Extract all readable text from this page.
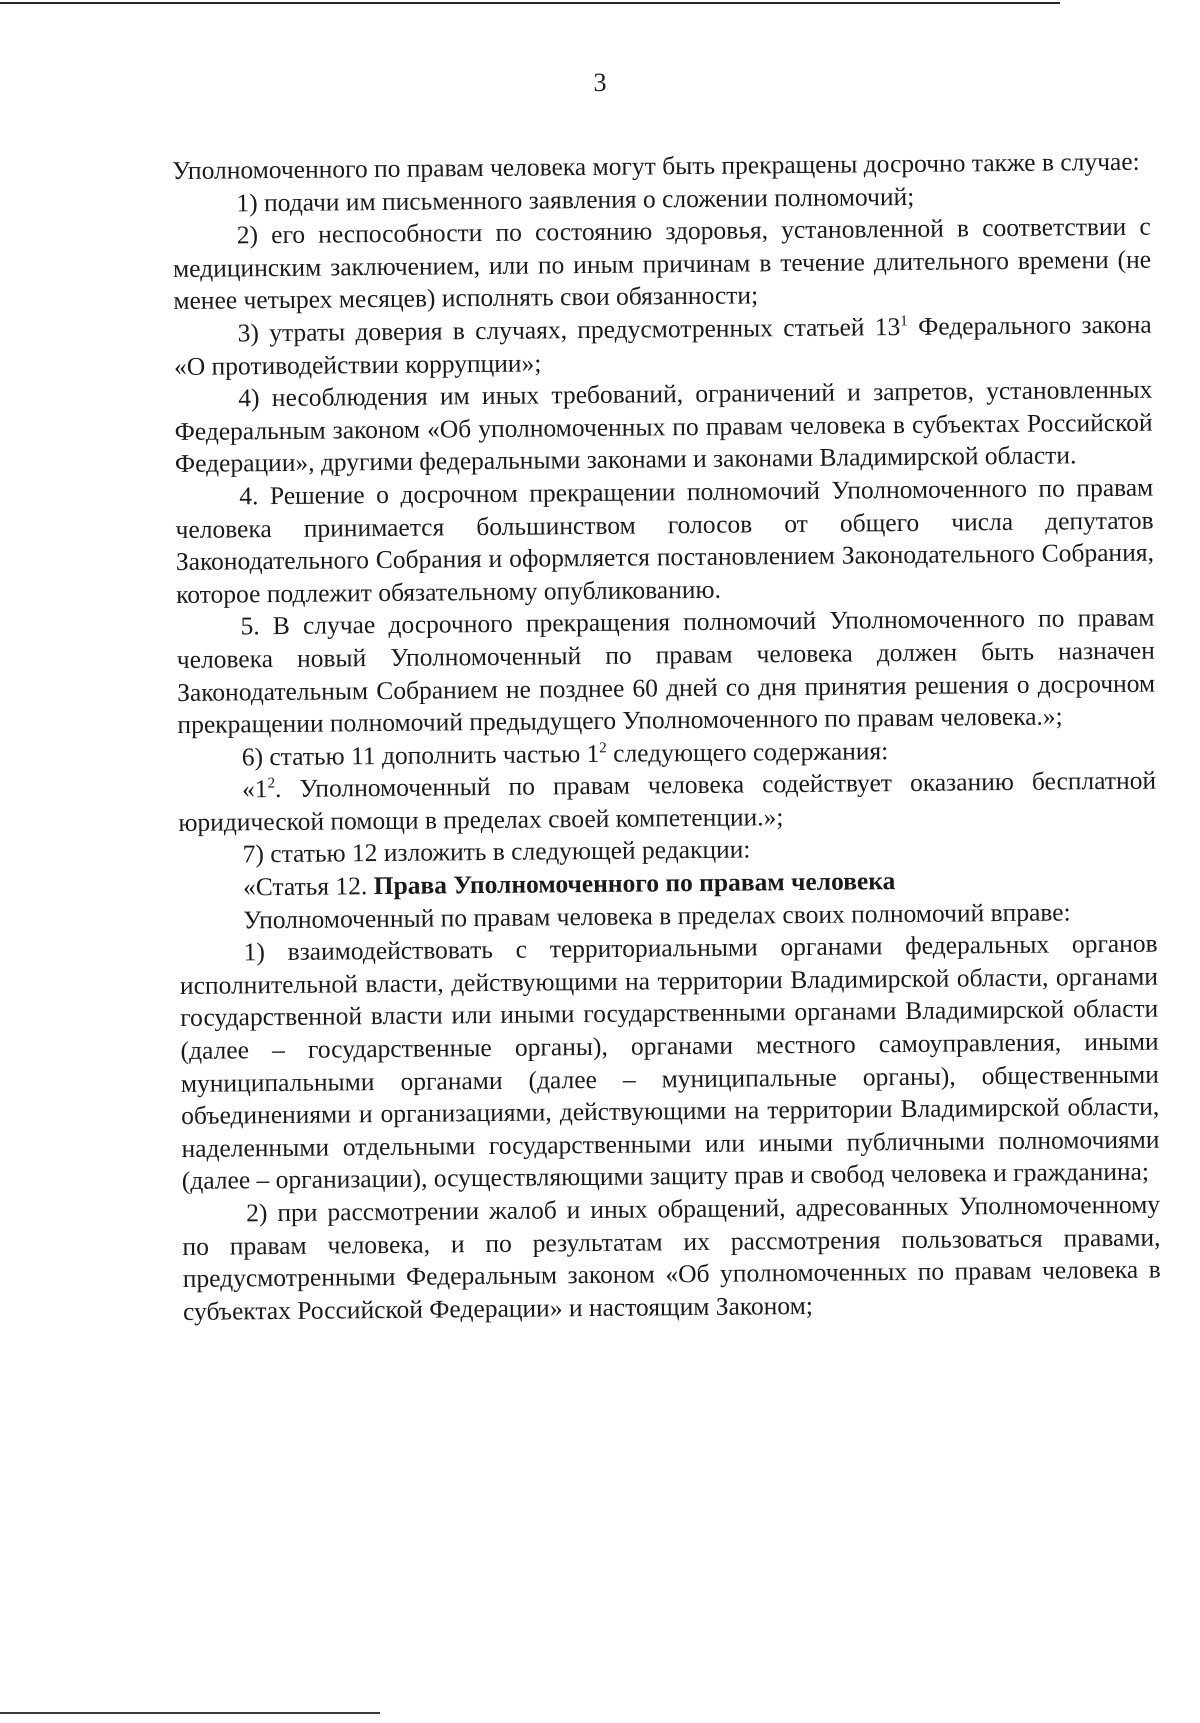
3

Уполномоченного по правам человека могут быть прекращены досрочно также в случае:

1) подачи им письменного заявления о сложении полномочий;

2) его неспособности по состоянию здоровья, установленной в соответствии с медицинским заключением, или по иным причинам в течение длительного времени (не менее четырех месяцев) исполнять свои обязанности;

3) утраты доверия в случаях, предусмотренных статьей $13^1$ Федерального закона «О противодействии коррупции»;

4) несоблюдения им иных требований, ограничений и запретов, установленных Федеральным законом «Об уполномоченных по правам человека в субъектах Российской Федерации», другими федеральными законами и законами Владимирской области.

4. Решение о досрочном прекращении полномочий Уполномоченного по правам человека принимается большинством голосов от общего числа депутатов Законодательного Собрания и оформляется постановлением Законодательного Собрания, которое подлежит обязательному опубликованию.

5. В случае досрочного прекращения полномочий Уполномоченного по правам человека новый Уполномоченный по правам человека должен быть назначен Законодательным Собранием не позднее 60 дней со дня принятия решения о досрочном прекращении полномочий предыдущего Уполномоченного по правам человека.»;

6) статью 11 дополнить частью $1^2$ следующего содержания:

«$1^2$. Уполномоченный по правам человека содействует оказанию бесплатной юридической помощи в пределах своей компетенции.»;

7) статью 12 изложить в следующей редакции:

«Статья 12. Права Уполномоченного по правам человека

Уполномоченный по правам человека в пределах своих полномочий вправе:

1) взаимодействовать с территориальными органами федеральных органов исполнительной власти, действующими на территории Владимирской области, органами государственной власти или иными государственными органами Владимирской области (далее – государственные органы), органами местного самоуправления, иными муниципальными органами (далее – муниципальные органы), общественными объединениями и организациями, действующими на территории Владимирской области, наделенными отдельными государственными или иными публичными полномочиями (далее – организации), осуществляющими защиту прав и свобод человека и гражданина;

2) при рассмотрении жалоб и иных обращений, адресованных Уполномоченному по правам человека, и по результатам их рассмотрения пользоваться правами, предусмотренными Федеральным законом «Об уполномоченных по правам человека в субъектах Российской Федерации» и настоящим Законом;
